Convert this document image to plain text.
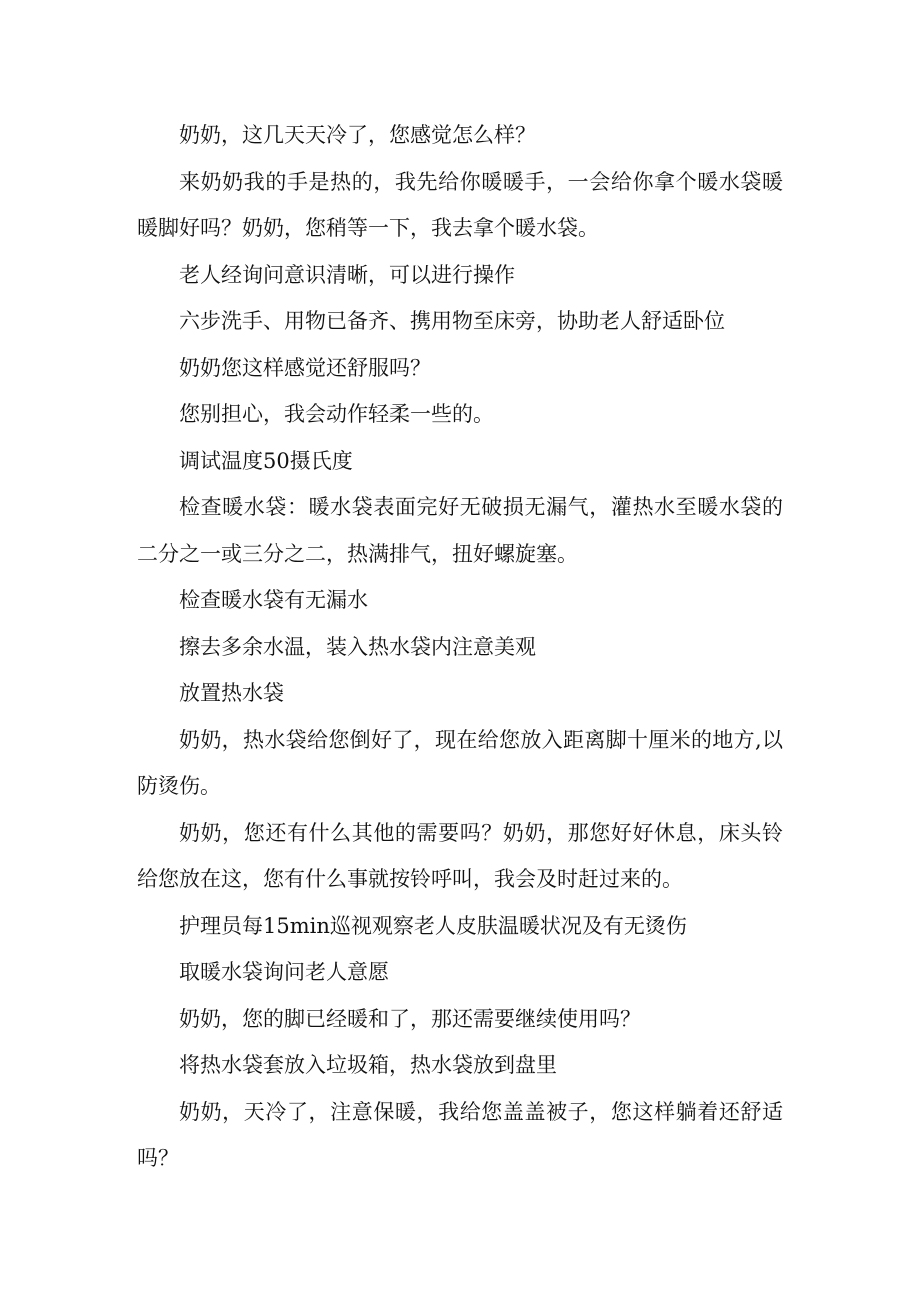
奶奶，这几天天冷了，您感觉怎么样？

来奶奶我的手是热的，我先给你暖暖手，一会给你拿个暖水袋暖暖脚好吗？奶奶，您稍等一下，我去拿个暖水袋。

老人经询问意识清晰，可以进行操作

六步洗手、用物已备齐、携用物至床旁，协助老人舒适卧位

奶奶您这样感觉还舒服吗？

您别担心，我会动作轻柔一些的。

调试温度50摄氏度

检查暖水袋：暖水袋表面完好无破损无漏气，灌热水至暖水袋的二分之一或三分之二，热满排气，扭好螺旋塞。

检查暖水袋有无漏水

擦去多余水温，装入热水袋内注意美观

放置热水袋

奶奶，热水袋给您倒好了，现在给您放入距离脚十厘米的地方,以防烫伤。

奶奶，您还有什么其他的需要吗？奶奶，那您好好休息，床头铃给您放在这，您有什么事就按铃呼叫，我会及时赶过来的。

护理员每15min巡视观察老人皮肤温暖状况及有无烫伤

取暖水袋询问老人意愿

奶奶，您的脚已经暖和了，那还需要继续使用吗？

将热水袋套放入垃圾箱，热水袋放到盘里

奶奶，天冷了，注意保暖，我给您盖盖被子，您这样躺着还舒适吗？
